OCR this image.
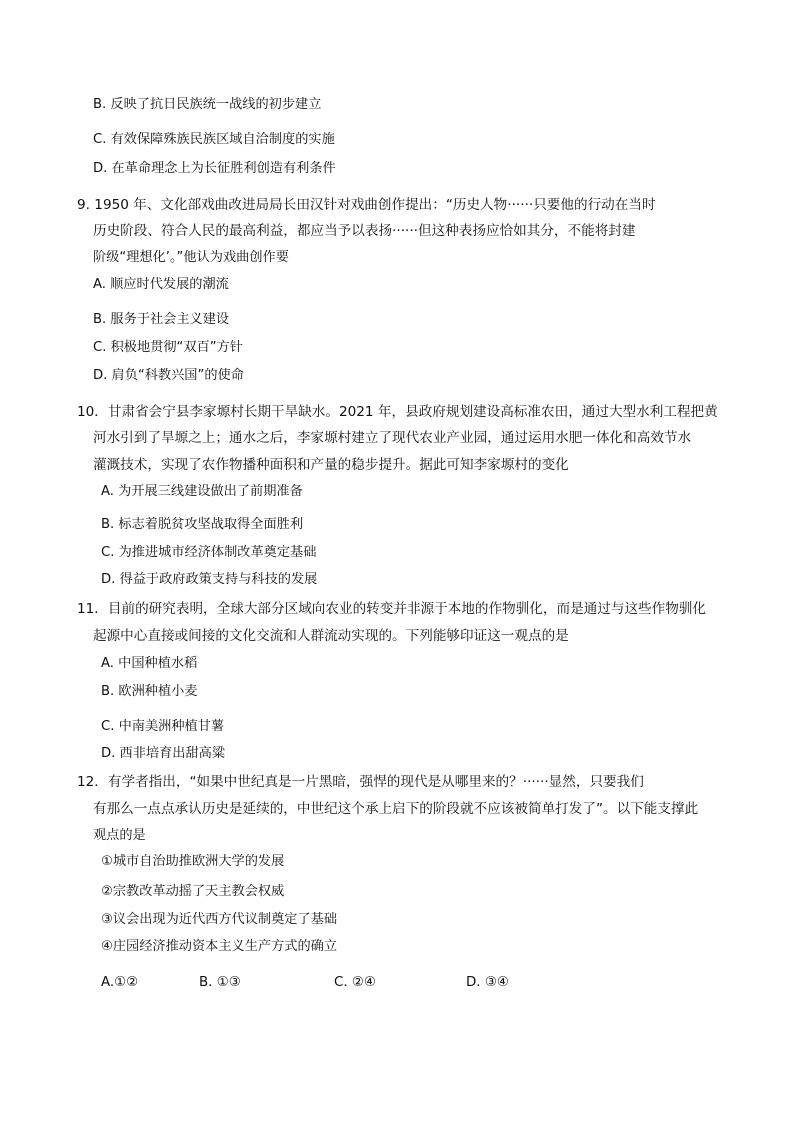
B. 反映了抗日民族统一战线的初步建立
C. 有效保障殊族民族区域自洽制度的实施
D. 在革命理念上为长征胜利创造有利条件
9. 1950 年、文化部戏曲改进局局长田汉针对戏曲创作提出：“历史人物······只要他的行动在当时
历史阶段、符合人民的最高利益，都应当予以表扬······但这种表扬应恰如其分，不能将封建
阶级“理想化’。”他认为戏曲创作要
A. 顺应时代发展的潮流
B. 服务于社会主义建设
C. 积极地贯彻“双百”方针
D. 肩负“科教兴国”的使命
10．甘肃省会宁县李家塬村长期干旱缺水。2021 年，县政府规划建设高标准农田，通过大型水利工程把黄
河水引到了旱塬之上；通水之后，李家塬村建立了现代农业产业园，通过运用水肥一体化和高效节水
灌溉技术，实现了农作物播种面积和产量的稳步提升。据此可知李家塬村的变化
A. 为开展三线建设做出了前期准备
B. 标志着脱贫攻坚战取得全面胜利
C. 为推进城市经济体制改革奠定基础
D. 得益于政府政策支持与科技的发展
11．目前的研究表明，全球大部分区域向农业的转变并非源于本地的作物驯化，而是通过与这些作物驯化
起源中心直接或间接的文化交流和人群流动实现的。下列能够印证这一观点的是
A. 中国种植水稻
B. 欧洲种植小麦
C. 中南美洲种植甘薯
D. 西非培育出甜高粱
12．有学者指出，“如果中世纪真是一片黑暗，强悍的现代是从哪里来的？······显然，只要我们
有那么一点点承认历史是延续的，中世纪这个承上启下的阶段就不应该被简单打发了”。以下能支撑此
观点的是
①城市自治助推欧洲大学的发展
②宗教改革动摇了天主教会权威
③议会出现为近代西方代议制奠定了基础
④庄园经济推动资本主义生产方式的确立
A.①②	B. ①③	C. ②④	D. ③④
